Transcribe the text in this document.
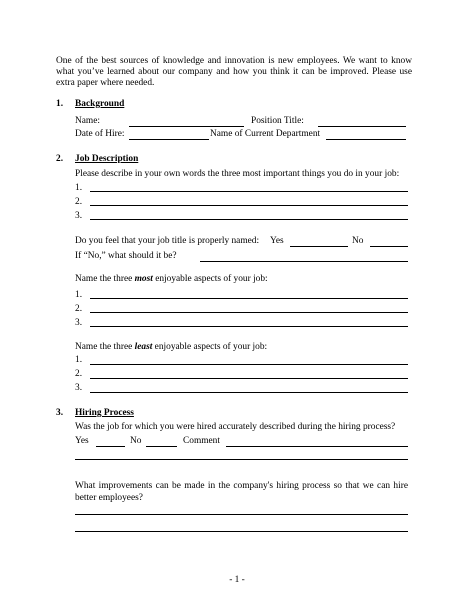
One of the best sources of knowledge and innovation is new employees. We want to know what you’ve learned about our company and how you think it can be improved. Please use extra paper where needed.
1. Background
Name:	Position Title:
Date of Hire:	Name of Current Department
2. Job Description
Please describe in your own words the three most important things you do in your job:
1.
2.
3.
Do you feel that your job title is properly named: Yes	No
If “No,” what should it be?
Name the three most enjoyable aspects of your job:
1.
2.
3.
Name the three least enjoyable aspects of your job:
1.
2.
3.
3. Hiring Process
Was the job for which you were hired accurately described during the hiring process?
Yes	No	Comment
What improvements can be made in the company's hiring process so that we can hire better employees?
- 1 -
